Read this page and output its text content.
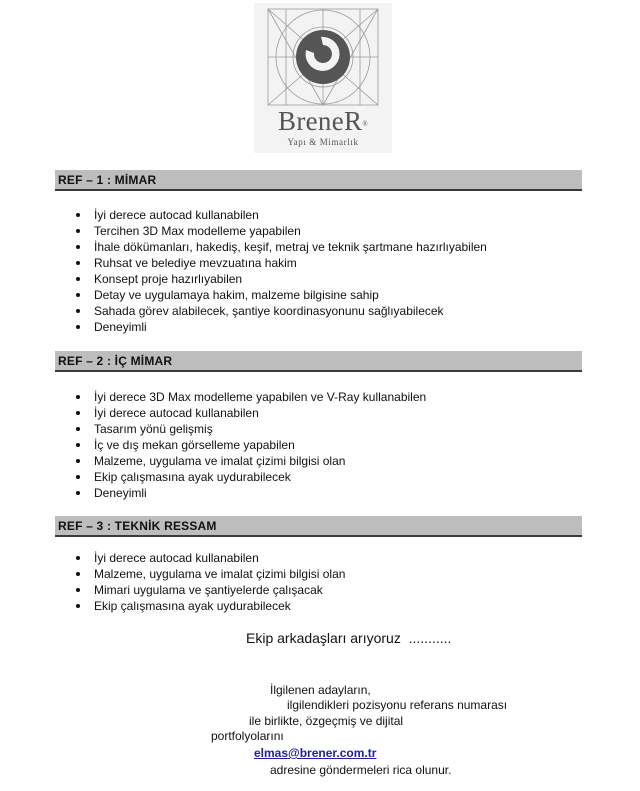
BreneR®
Yapı & Mimarlık
REF – 1 : MİMAR
İyi derece autocad kullanabilen
Tercihen 3D Max modelleme yapabilen
İhale dökümanları, hakediş, keşif, metraj ve teknik şartmane hazırlıyabilen
Ruhsat ve belediye mevzuatına hakim
Konsept proje hazırlıyabilen
Detay ve uygulamaya hakim, malzeme bilgisine sahip
Sahada görev alabilecek, şantiye koordinasyonunu sağlıyabilecek
Deneyimli
REF – 2 : İÇ MİMAR
İyi derece 3D Max modelleme yapabilen ve V-Ray kullanabilen
İyi derece autocad kullanabilen
Tasarım yönü gelişmiş
İç ve dış mekan görselleme yapabilen
Malzeme, uygulama ve imalat çizimi bilgisi olan
Ekip çalışmasına ayak uydurabilecek
Deneyimli
REF – 3 : TEKNİK RESSAM
İyi derece autocad kullanabilen
Malzeme, uygulama ve imalat çizimi bilgisi olan
Mimari uygulama ve şantiyelerde çalışacak
Ekip çalışmasına ayak uydurabilecek
Ekip arkadaşları arıyoruz  ...........
İlgilenen adayların,
ilgilendikleri pozisyonu referans numarası
ile birlikte, özgeçmiş ve dijital
portfolyolarını
elmas@brener.com.tr
adresine göndermeleri rica olunur.
